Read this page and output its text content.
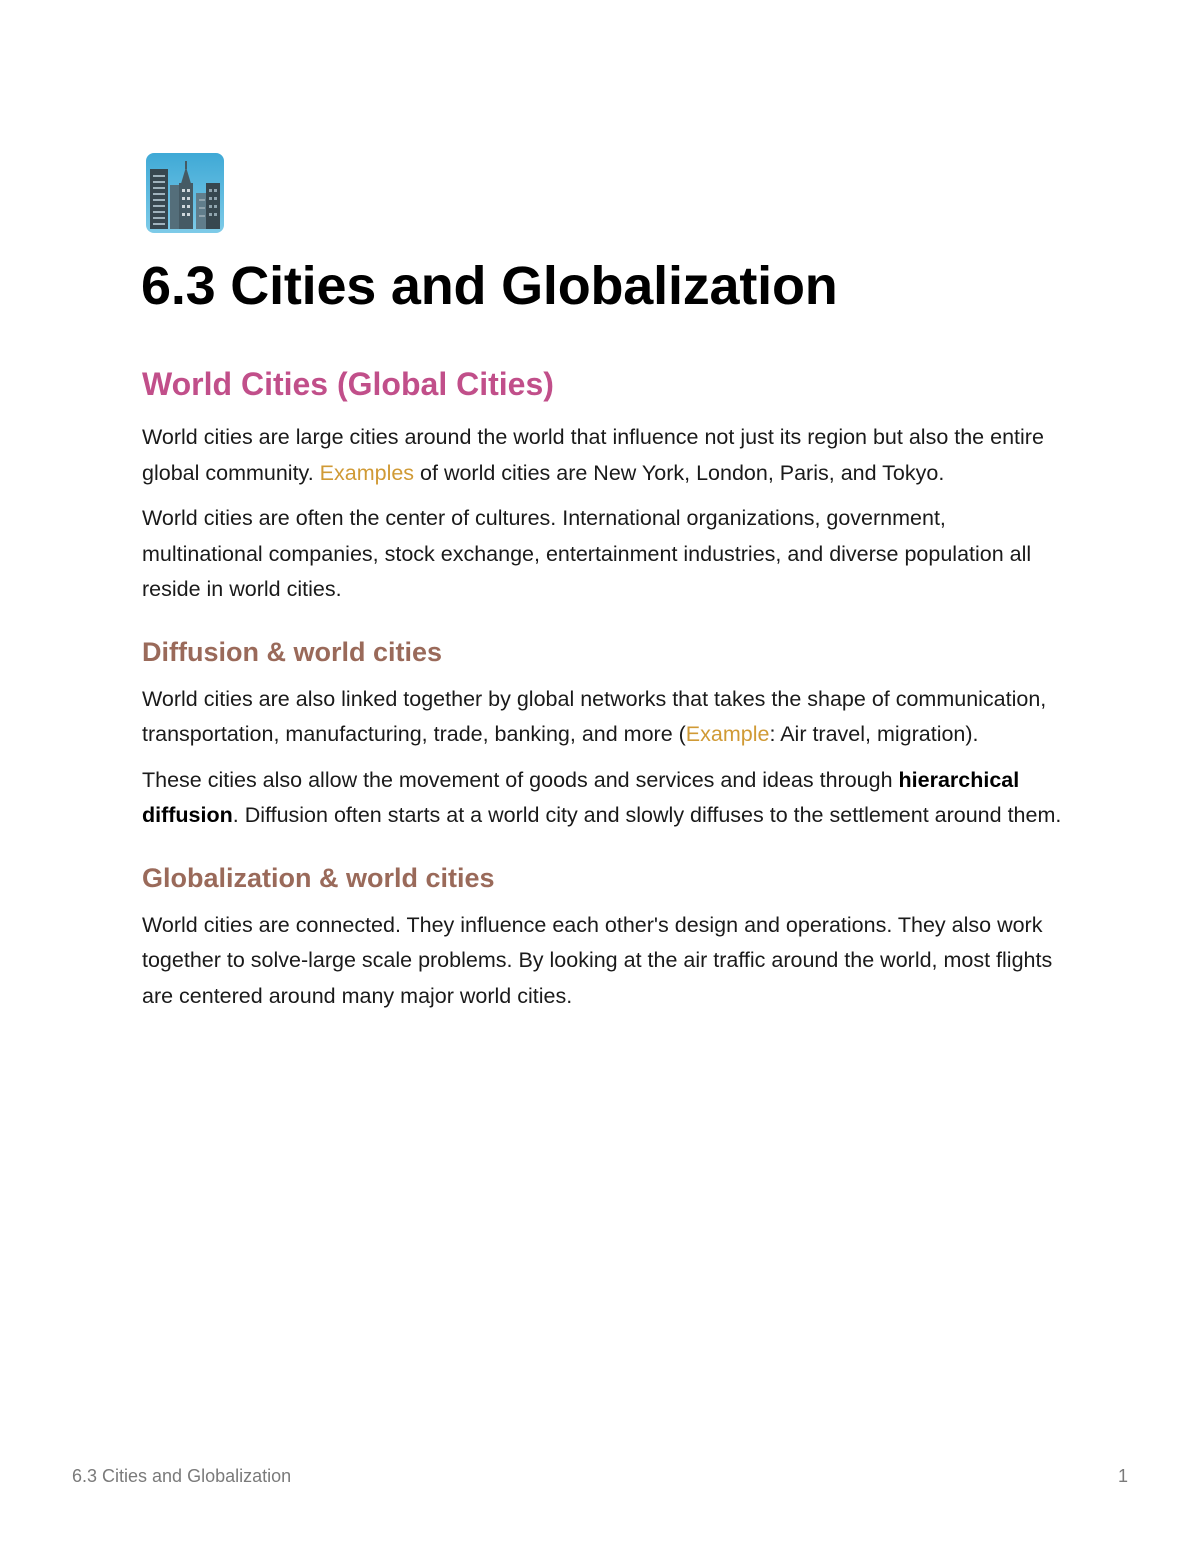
6.3 Cities and Globalization
World Cities (Global Cities)

World cities are large cities around the world that influence not just its region but also the entire global community. Examples of world cities are New York, London, Paris, and Tokyo.

World cities are often the center of cultures. International organizations, government, multinational companies, stock exchange, entertainment industries, and diverse population all reside in world cities.

Diffusion & world cities

World cities are also linked together by global networks that takes the shape of communication, transportation, manufacturing, trade, banking, and more (Example: Air travel, migration).

These cities also allow the movement of goods and services and ideas through hierarchical diffusion. Diffusion often starts at a world city and slowly diffuses to the settlement around them.

Globalization & world cities

World cities are connected. They influence each other's design and operations. They also work together to solve-large scale problems. By looking at the air traffic around the world, most flights are centered around many major world cities.

6.3 Cities and Globalization	1
